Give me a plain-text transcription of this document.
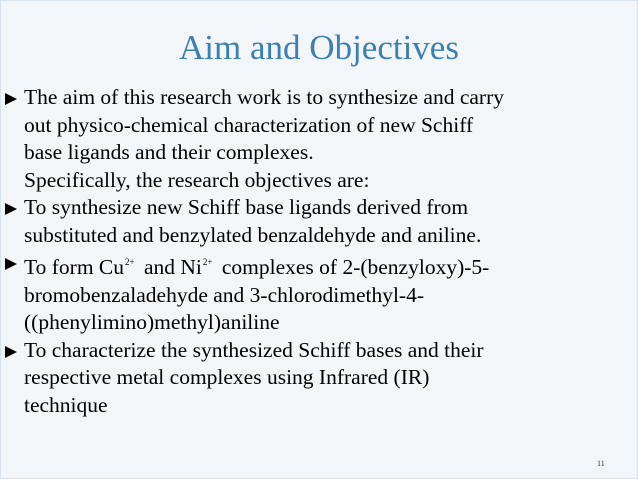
Aim and Objectives
The aim of this research work is to synthesize and carry
out physico-chemical characterization of new Schiff
base ligands and their complexes.
Specifically, the research objectives are:
To synthesize new Schiff base ligands derived from
substituted and benzylated benzaldehyde and aniline.
To form $Cu^{2+}$ and $Ni^{2+}$ complexes of 2-(benzyloxy)-5-
bromobenzaladehyde and 3-chlorodimethyl-4-
((phenylimino)methyl)aniline
To characterize the synthesized Schiff bases and their
respective metal complexes using Infrared (IR)
technique
11
